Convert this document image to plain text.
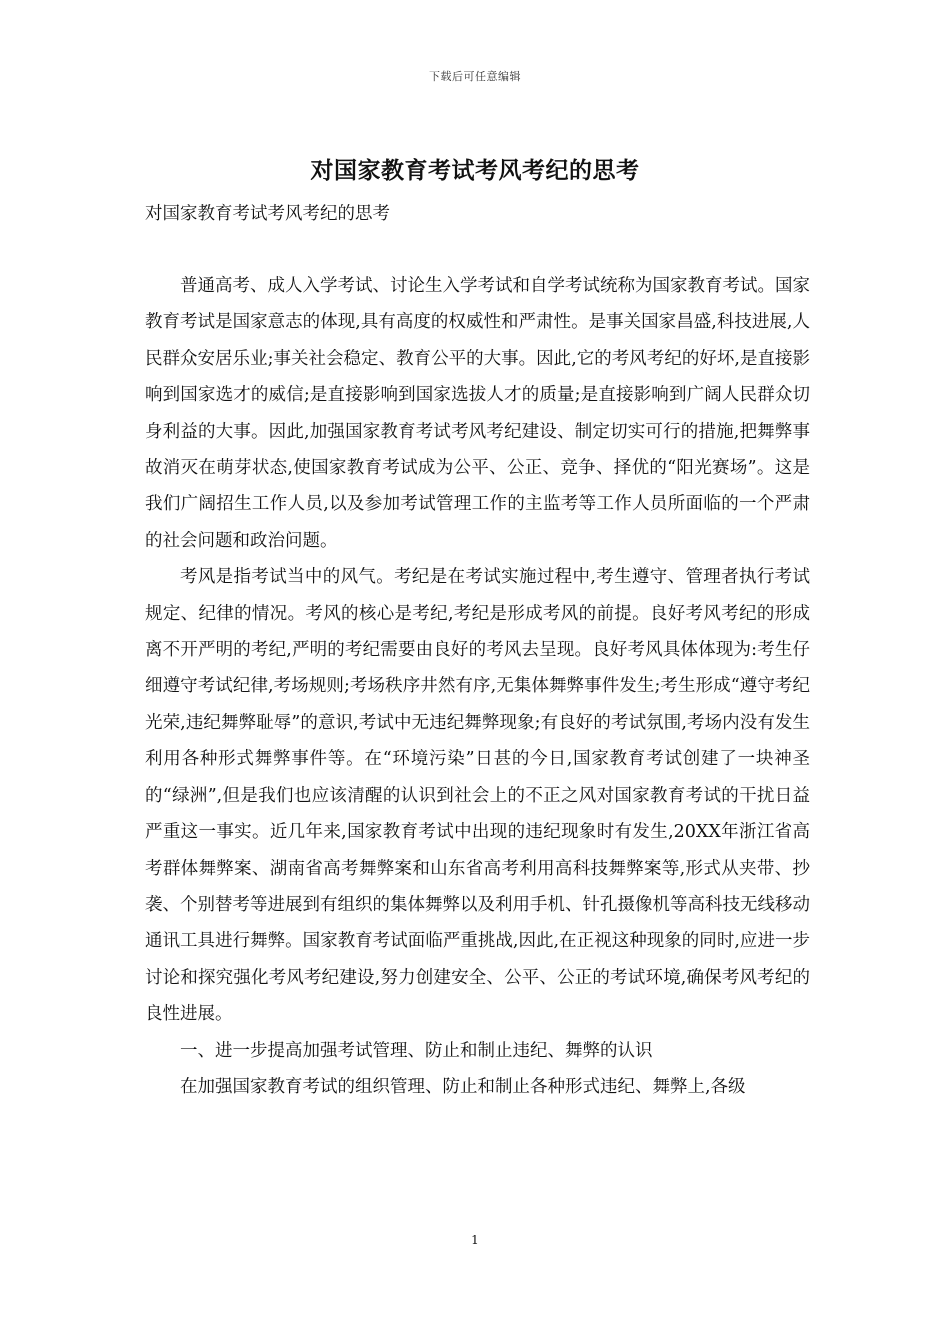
下载后可任意编辑
对国家教育考试考风考纪的思考
对国家教育考试考风考纪的思考

普通高考、成人入学考试、讨论生入学考试和自学考试统称为国家教育考试。国家教育考试是国家意志的体现,具有高度的权威性和严肃性。是事关国家昌盛,科技进展,人民群众安居乐业;事关社会稳定、教育公平的大事。因此,它的考风考纪的好坏,是直接影响到国家选才的威信;是直接影响到国家选拔人才的质量;是直接影响到广阔人民群众切身利益的大事。因此,加强国家教育考试考风考纪建设、制定切实可行的措施,把舞弊事故消灭在萌芽状态,使国家教育考试成为公平、公正、竞争、择优的“阳光赛场”。这是我们广阔招生工作人员,以及参加考试管理工作的主监考等工作人员所面临的一个严肃的社会问题和政治问题。

考风是指考试当中的风气。考纪是在考试实施过程中,考生遵守、管理者执行考试规定、纪律的情况。考风的核心是考纪,考纪是形成考风的前提。良好考风考纪的形成离不开严明的考纪,严明的考纪需要由良好的考风去呈现。良好考风具体体现为:考生仔细遵守考试纪律,考场规则;考场秩序井然有序,无集体舞弊事件发生;考生形成“遵守考纪光荣,违纪舞弊耻辱”的意识,考试中无违纪舞弊现象;有良好的考试氛围,考场内没有发生利用各种形式舞弊事件等。在“环境污染”日甚的今日,国家教育考试创建了一块神圣的“绿洲”,但是我们也应该清醒的认识到社会上的不正之风对国家教育考试的干扰日益严重这一事实。近几年来,国家教育考试中出现的违纪现象时有发生,20XX年浙江省高考群体舞弊案、湖南省高考舞弊案和山东省高考利用高科技舞弊案等,形式从夹带、抄袭、个别替考等进展到有组织的集体舞弊以及利用手机、针孔摄像机等高科技无线移动通讯工具进行舞弊。国家教育考试面临严重挑战,因此,在正视这种现象的同时,应进一步讨论和探究强化考风考纪建设,努力创建安全、公平、公正的考试环境,确保考风考纪的良性进展。

一、进一步提高加强考试管理、防止和制止违纪、舞弊的认识

在加强国家教育考试的组织管理、防止和制止各种形式违纪、舞弊上,各级

1
